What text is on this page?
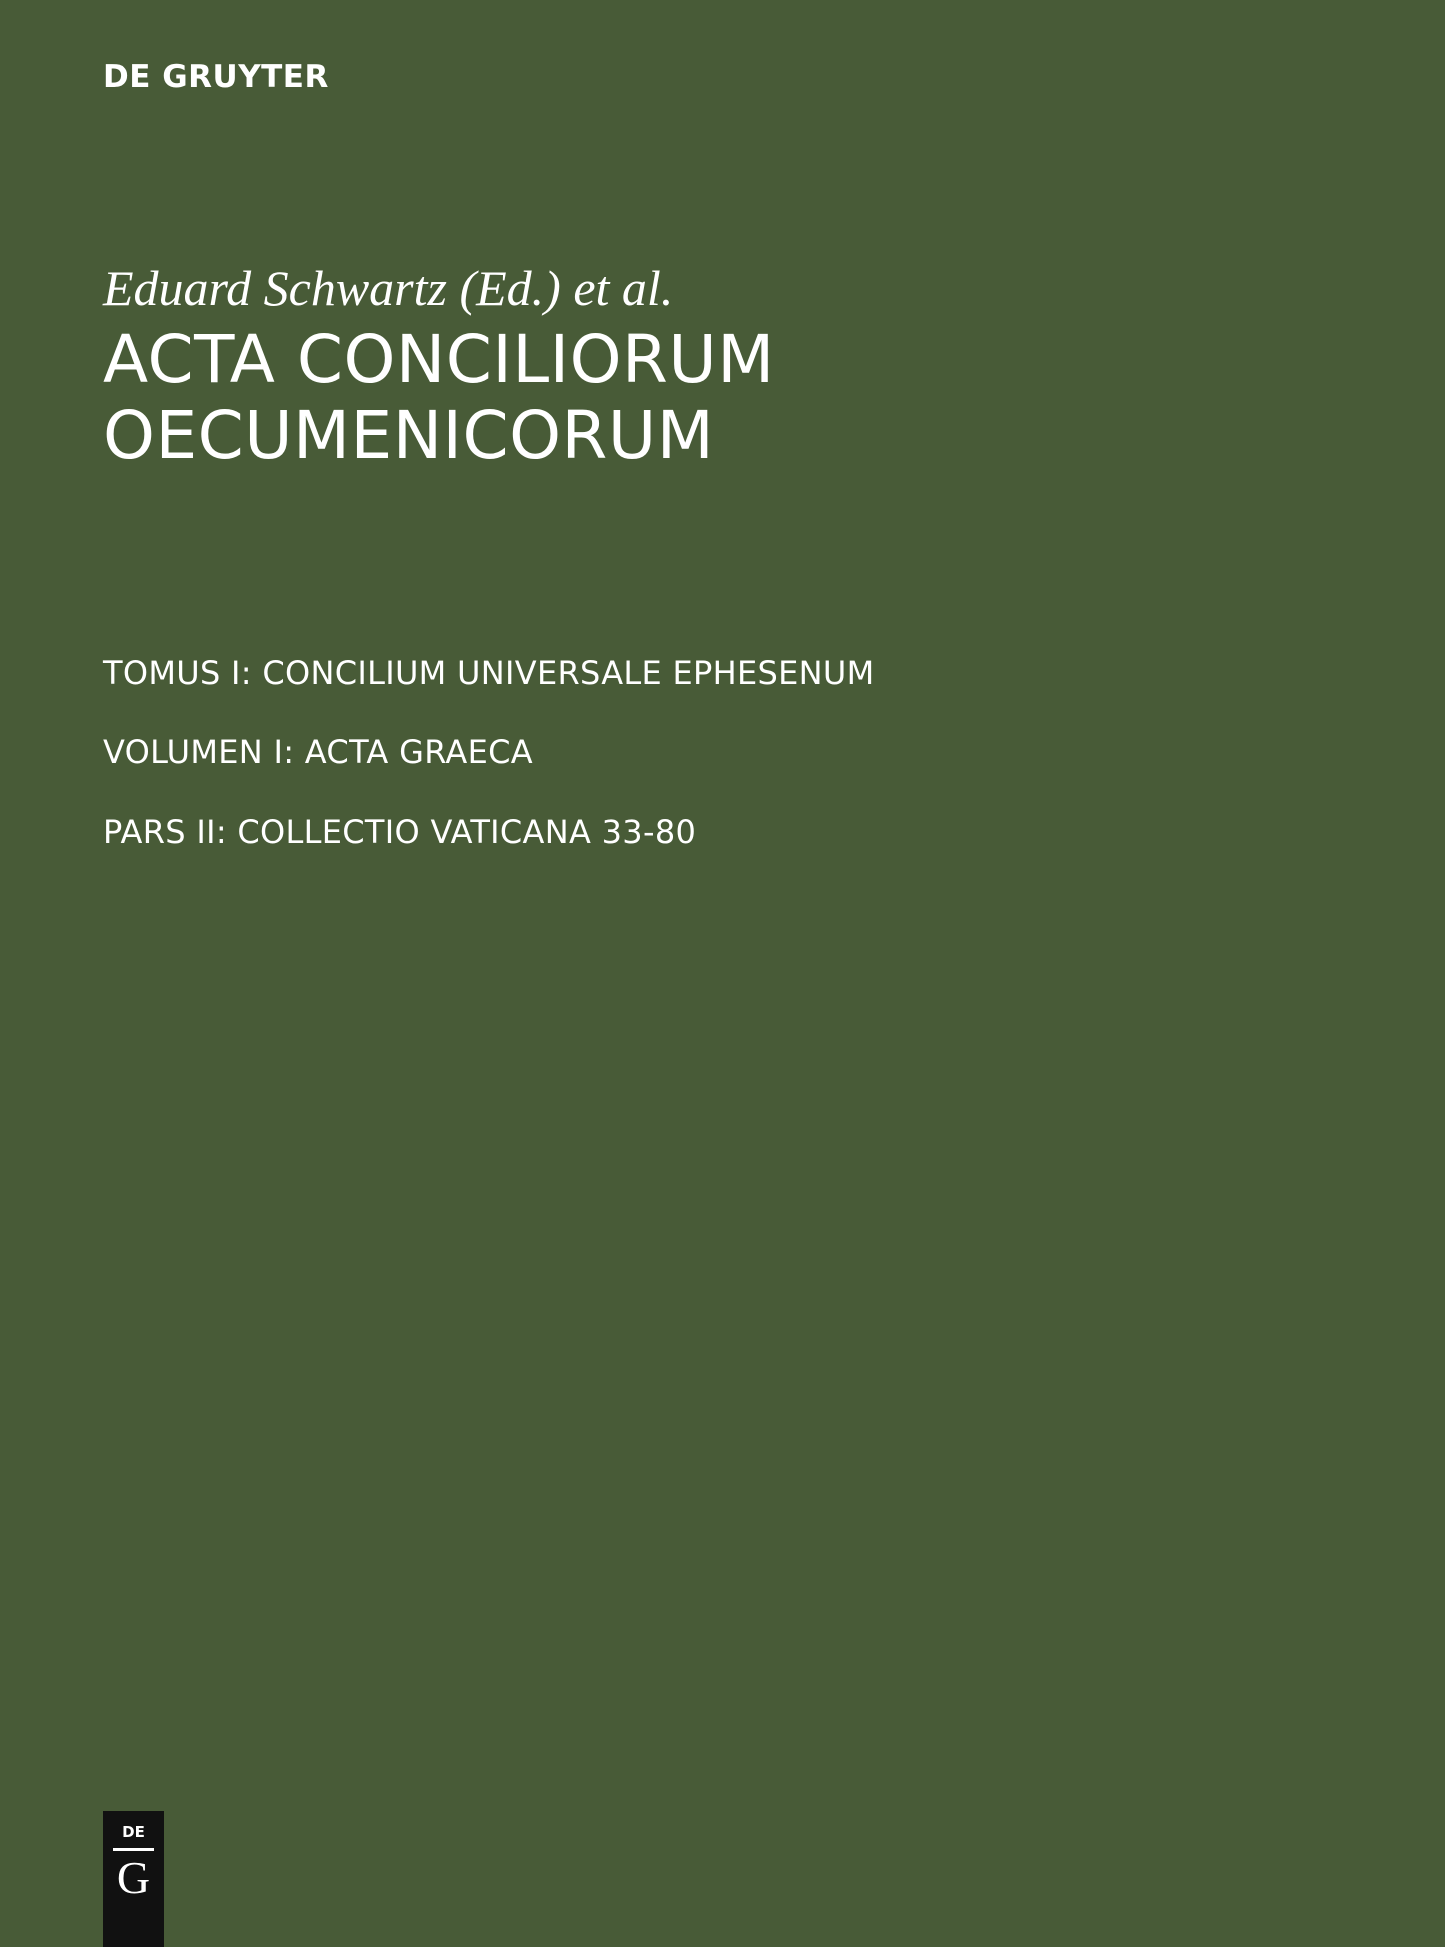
DE GRUYTER
Eduard Schwartz (Ed.) et al.
ACTA CONCILIORUM
OECUMENICORUM
TOMUS I: CONCILIUM UNIVERSALE EPHESENUM
VOLUMEN I: ACTA GRAECA
PARS II: COLLECTIO VATICANA 33-80
DE
G
